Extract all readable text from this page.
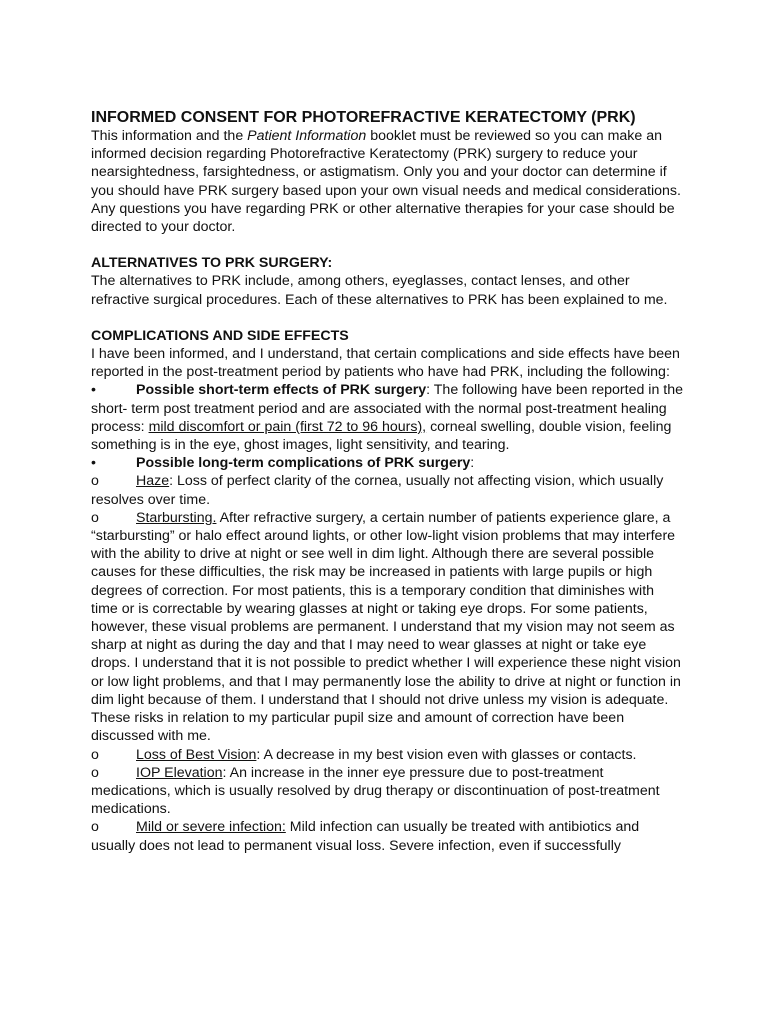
INFORMED CONSENT FOR PHOTOREFRACTIVE KERATECTOMY (PRK)

This information and the Patient Information booklet must be reviewed so you can make an informed decision regarding Photorefractive Keratectomy (PRK) surgery to reduce your nearsightedness, farsightedness, or astigmatism. Only you and your doctor can determine if you should have PRK surgery based upon your own visual needs and medical considerations. Any questions you have regarding PRK or other alternative therapies for your case should be directed to your doctor.

ALTERNATIVES TO PRK SURGERY:

The alternatives to PRK include, among others, eyeglasses, contact lenses, and other refractive surgical procedures. Each of these alternatives to PRK has been explained to me.

COMPLICATIONS AND SIDE EFFECTS

I have been informed, and I understand, that certain complications and side effects have been reported in the post-treatment period by patients who have had PRK, including the following:

•	Possible short-term effects of PRK surgery: The following have been reported in the short- term post treatment period and are associated with the normal post-treatment healing process: mild discomfort or pain (first 72 to 96 hours), corneal swelling, double vision, feeling something is in the eye, ghost images, light sensitivity, and tearing.

•	Possible long-term complications of PRK surgery:

o	Haze: Loss of perfect clarity of the cornea, usually not affecting vision, which usually resolves over time.

o	Starbursting. After refractive surgery, a certain number of patients experience glare, a “starbursting” or halo effect around lights, or other low-light vision problems that may interfere with the ability to drive at night or see well in dim light. Although there are several possible causes for these difficulties, the risk may be increased in patients with large pupils or high degrees of correction. For most patients, this is a temporary condition that diminishes with time or is correctable by wearing glasses at night or taking eye drops. For some patients, however, these visual problems are permanent. I understand that my vision may not seem as sharp at night as during the day and that I may need to wear glasses at night or take eye drops. I understand that it is not possible to predict whether I will experience these night vision or low light problems, and that I may permanently lose the ability to drive at night or function in dim light because of them. I understand that I should not drive unless my vision is adequate. These risks in relation to my particular pupil size and amount of correction have been discussed with me.

o	Loss of Best Vision: A decrease in my best vision even with glasses or contacts.

o	IOP Elevation: An increase in the inner eye pressure due to post-treatment medications, which is usually resolved by drug therapy or discontinuation of post-treatment medications.

o	Mild or severe infection: Mild infection can usually be treated with antibiotics and usually does not lead to permanent visual loss. Severe infection, even if successfully
